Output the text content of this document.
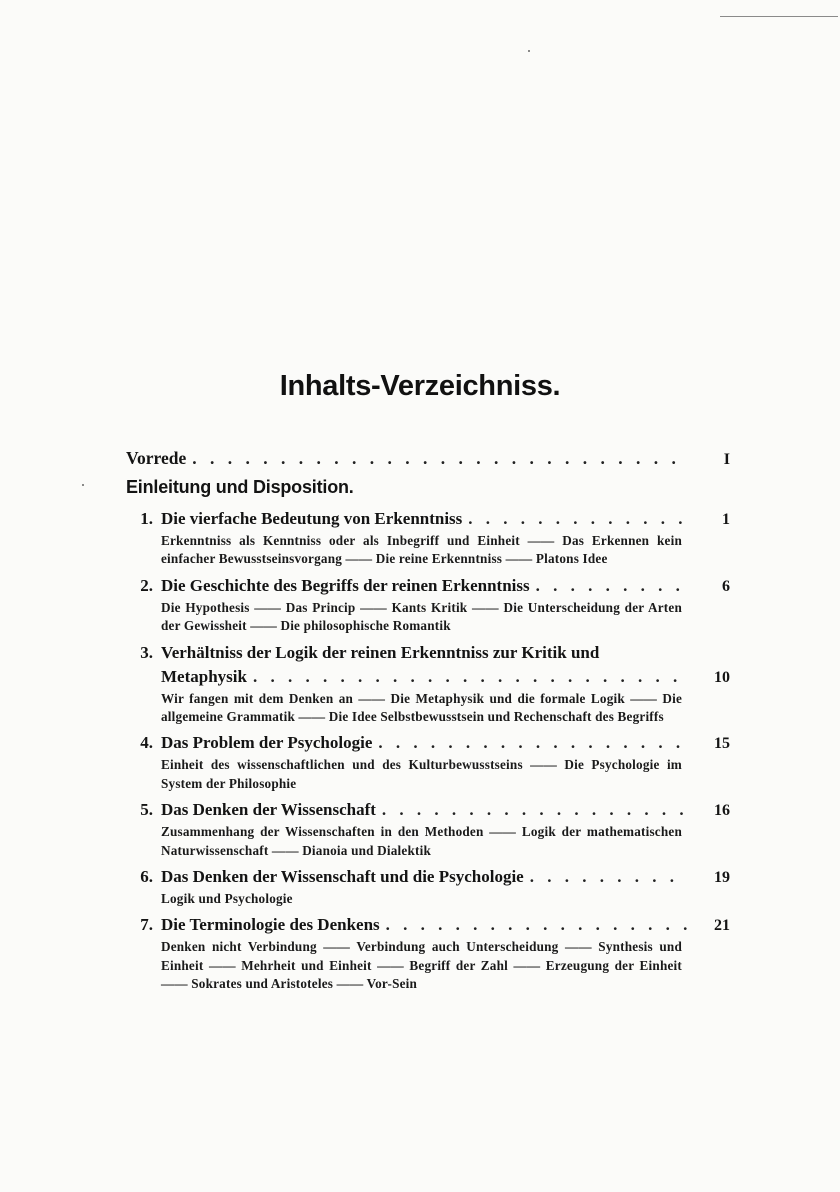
Inhalts-Verzeichniss.
Vorrede . . .	I
Einleitung und Disposition.
1. Die vierfache Bedeutung von Erkenntniss . . .	1
Erkenntniss als Kenntniss oder als Inbegriff und Einheit —— Das Erkennen kein einfacher Bewusstseinsvorgang —— Die reine Erkenntniss —— Platons Idee
2. Die Geschichte des Begriffs der reinen Erkenntniss . . .	6
Die Hypothesis —— Das Princip —— Kants Kritik —— Die Unterscheidung der Arten der Gewissheit —— Die philosophische Romantik
3. Verhältniss der Logik der reinen Erkenntniss zur Kritik und
Metaphysik . . .	10
Wir fangen mit dem Denken an —— Die Metaphysik und die formale Logik —— Die allgemeine Grammatik —— Die Idee Selbstbewusstsein und Rechenschaft des Begriffs
4. Das Problem der Psychologie . . .	15
Einheit des wissenschaftlichen und des Kulturbewusstseins —— Die Psychologie im System der Philosophie
5. Das Denken der Wissenschaft . . .	16
Zusammenhang der Wissenschaften in den Methoden —— Logik der mathematischen Naturwissenschaft —— Dianoia und Dialektik
6. Das Denken der Wissenschaft und die Psychologie . . .	19
Logik und Psychologie
7. Die Terminologie des Denkens . . .	21
Denken nicht Verbindung —— Verbindung auch Unterscheidung —— Synthesis und Einheit —— Mehrheit und Einheit —— Begriff der Zahl —— Erzeugung der Einheit —— Sokrates und Aristoteles —— Vor-Sein
